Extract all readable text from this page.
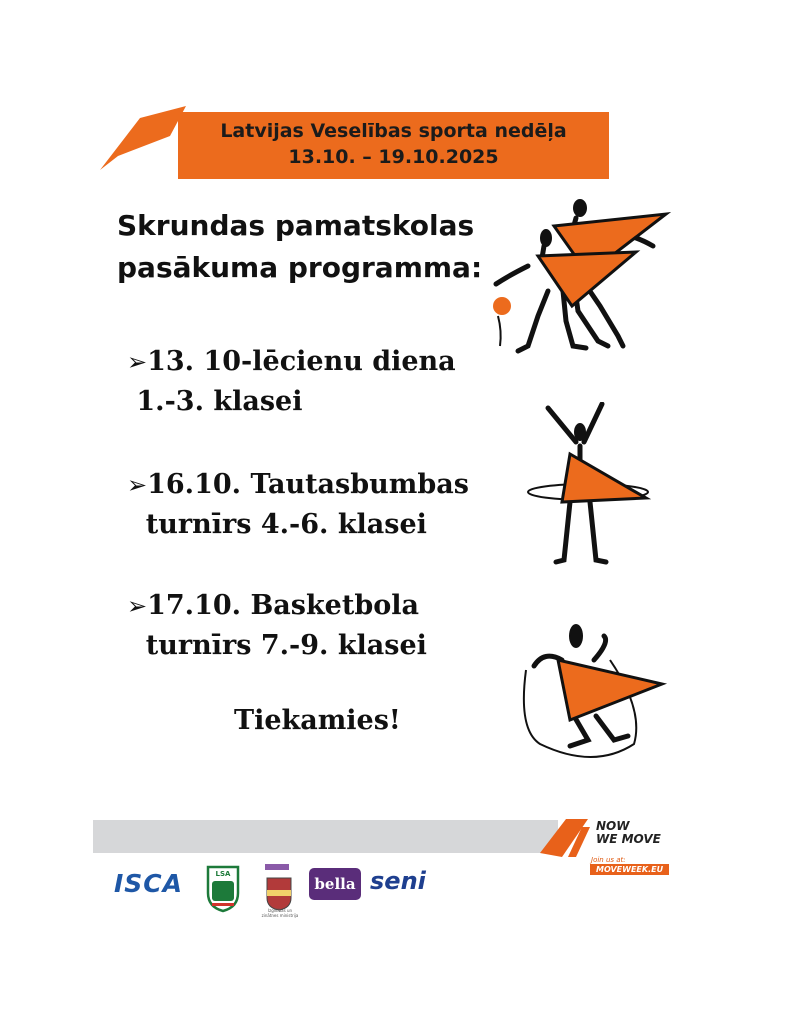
Latvijas Veselības sporta nedēļa
13.10. – 19.10.2025
Skrundas pamatskolas
pasākuma programma:
➢13. 10-lēcienu diena
1.-3. klasei
➢16.10. Tautasbumbas
turnīrs 4.-6. klasei
➢17.10. Basketbola
turnīrs 7.-9. klasei
Tiekamies!
NOW
WE MOVE
Join us at:
MOVEWEEK.EU
ISCA	LSA
Izglītības un zinātnes ministrija
bella seni
